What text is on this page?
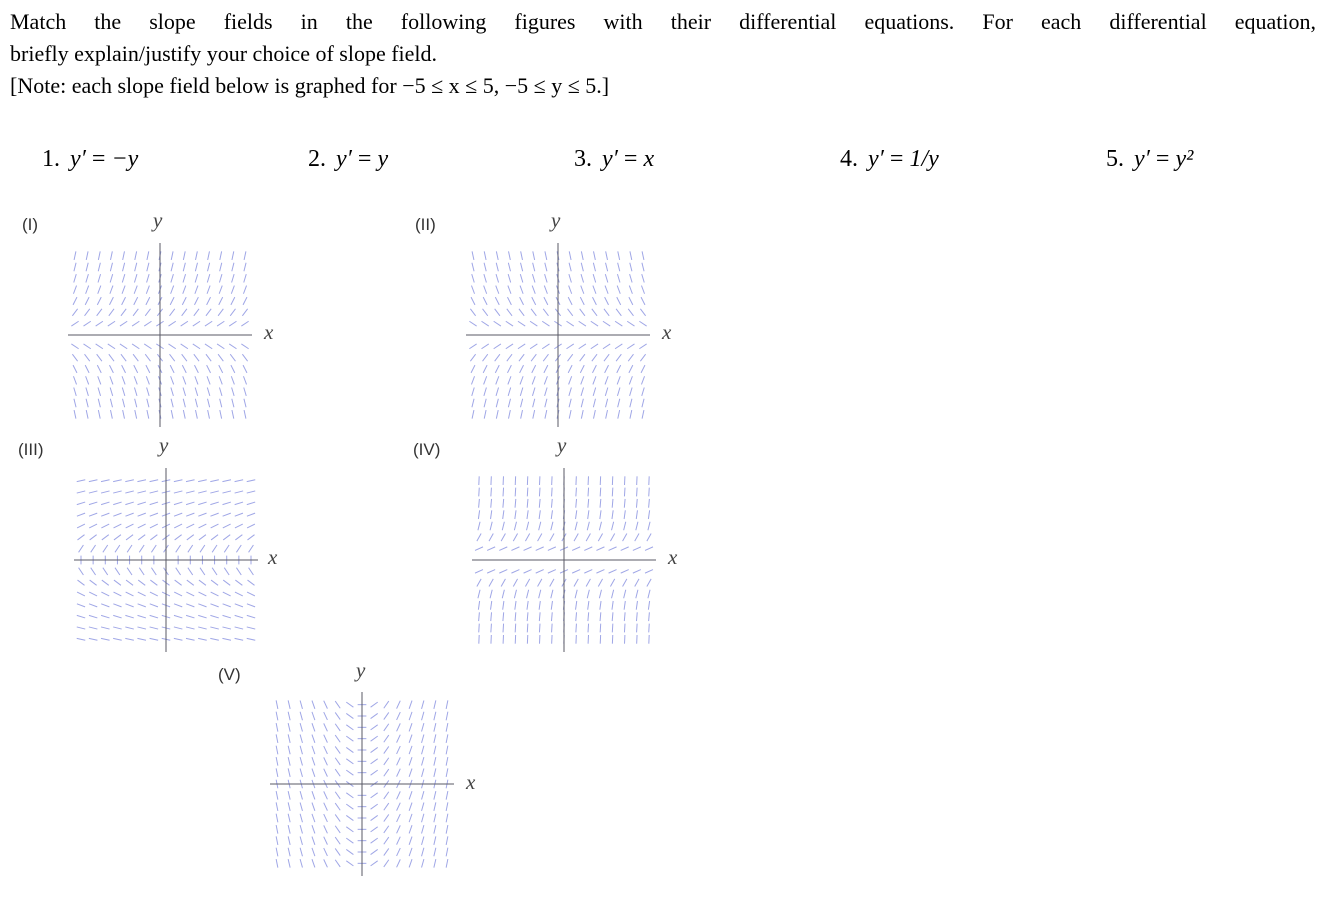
Match the slope fields in the following figures with their differential equations. For each differential equation,
briefly explain/justify your choice of slope field.
[Note: each slope field below is graphed for −5 ≤ x ≤ 5, −5 ≤ y ≤ 5.]
1. y′ = −y	2. y′ = y	3. y′ = x	4. y′ = 1/y	5. y′ = y²
(I)	y
x
(II)	y
x
(III)	y
x
(IV)	y
x
(V)	y
x
